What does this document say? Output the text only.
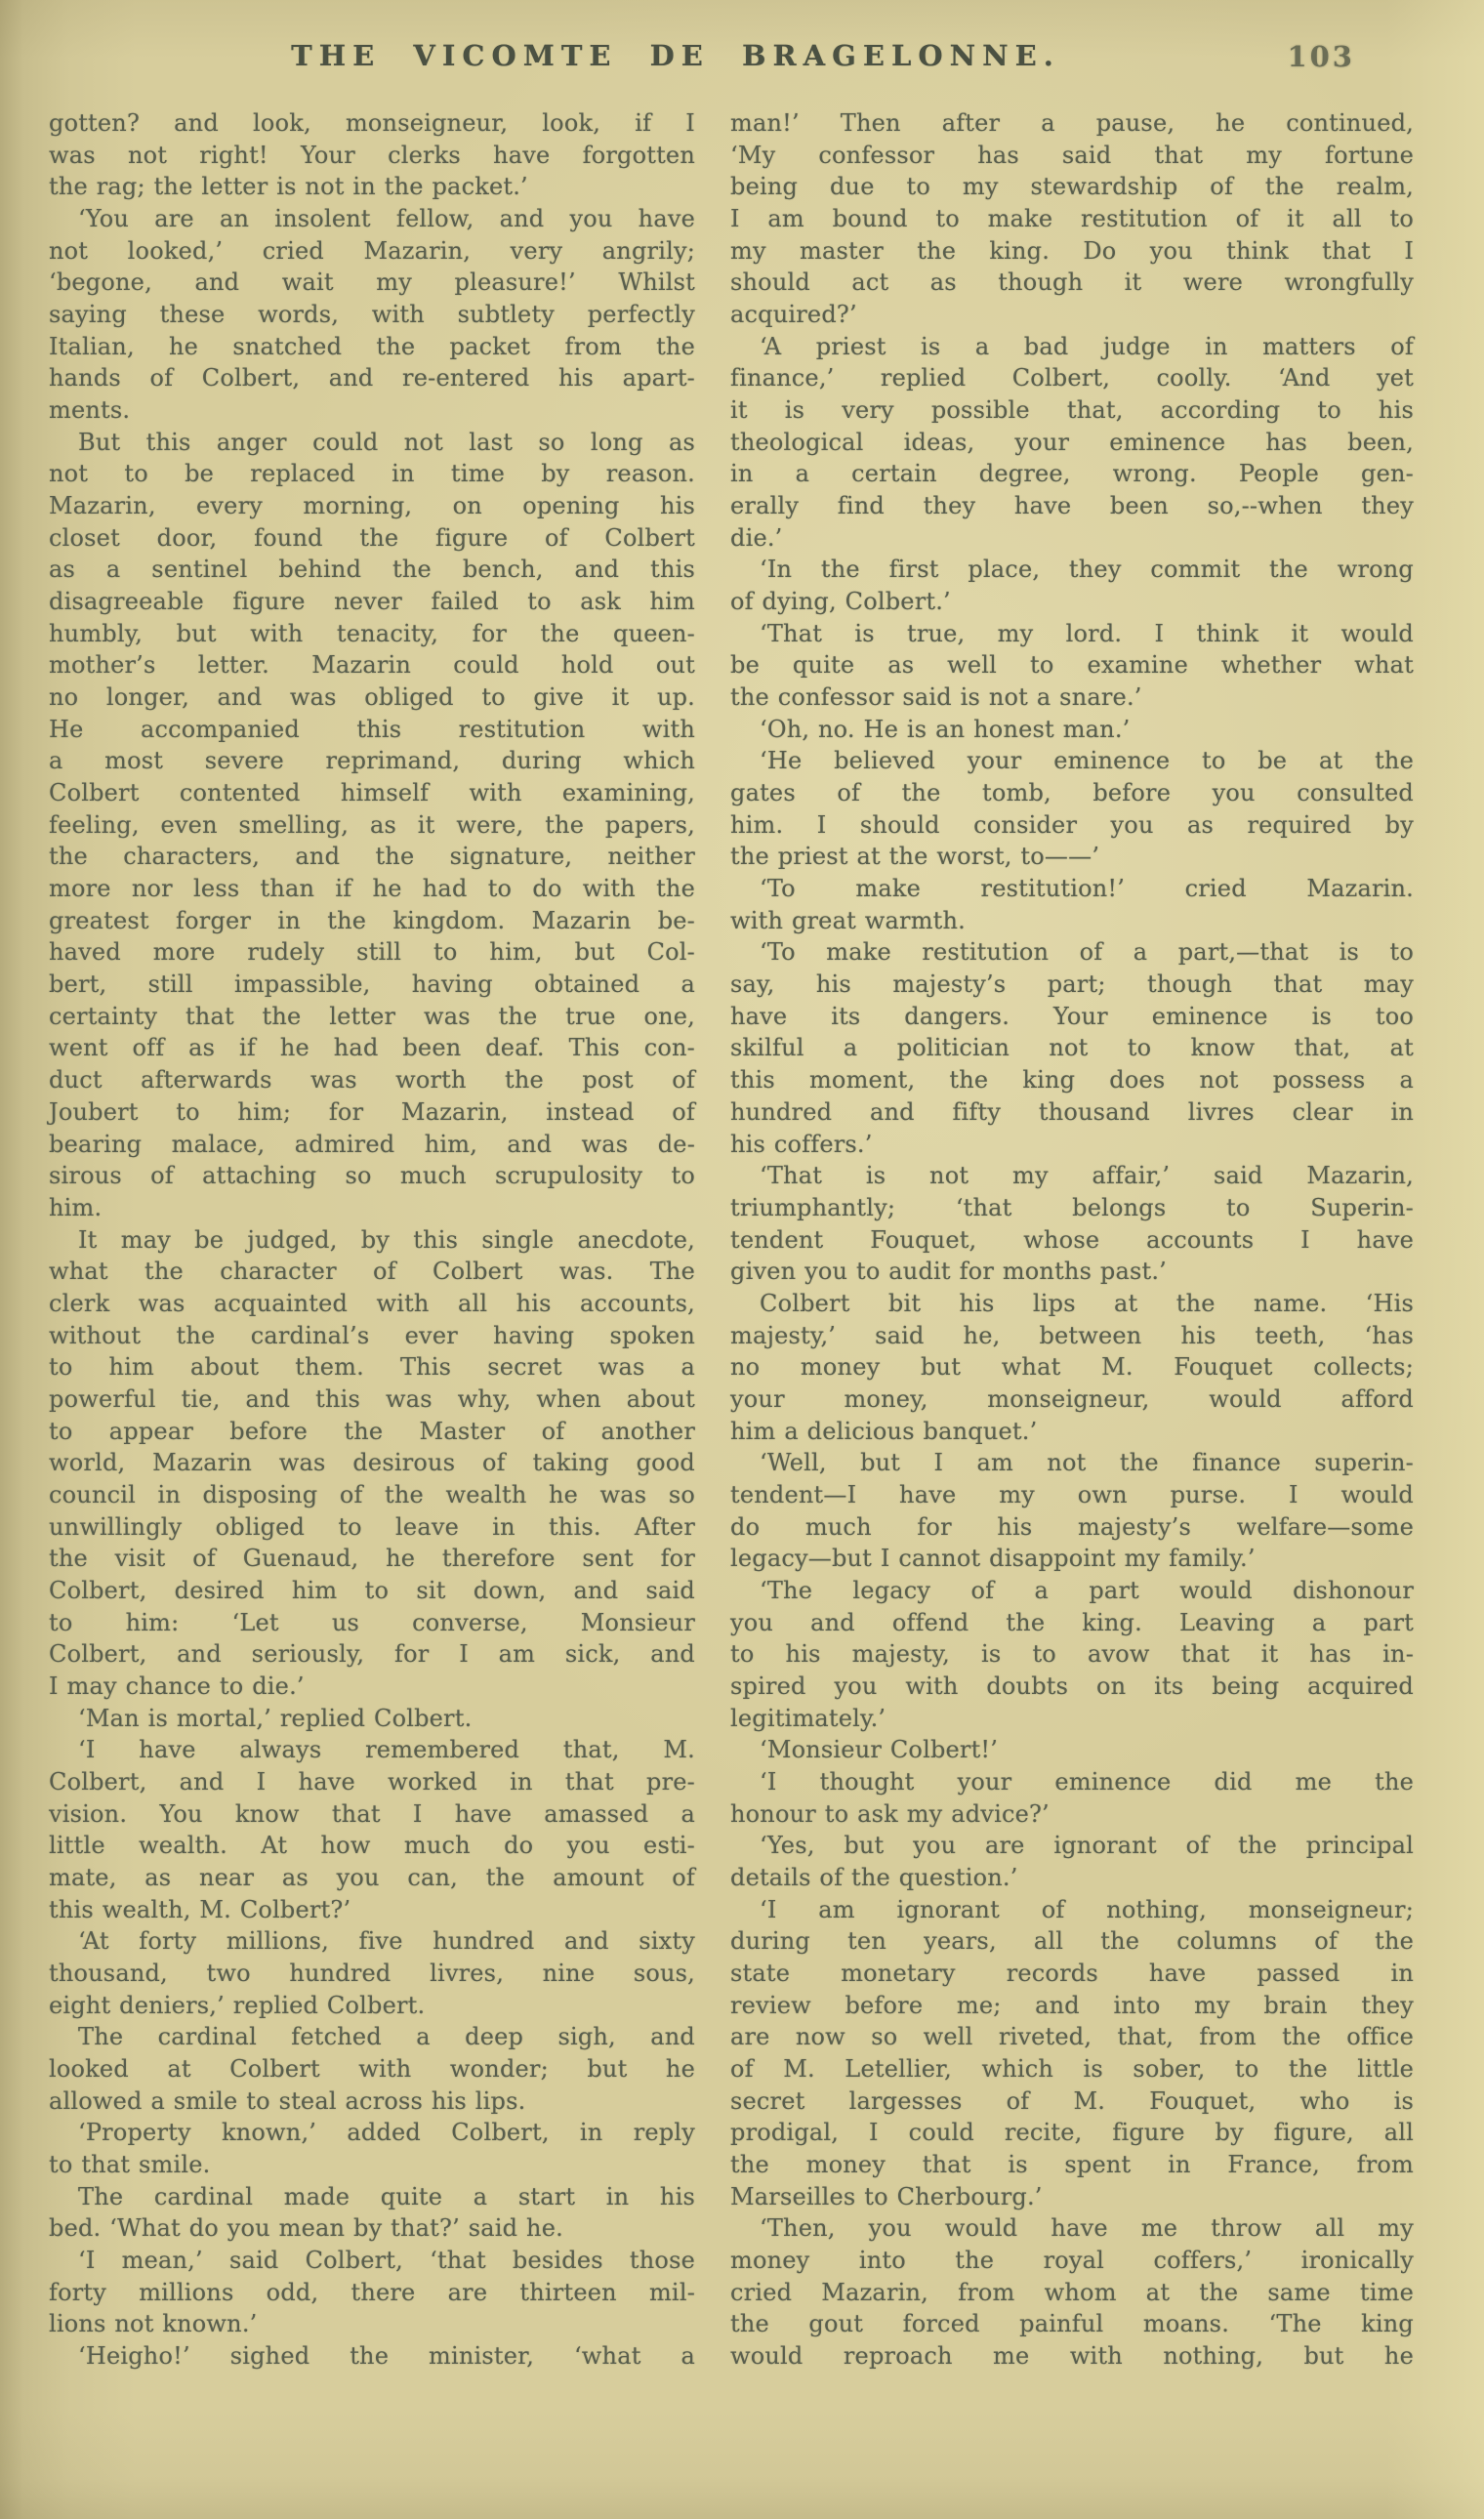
THE VICOMTE DE BRAGELONNE.	103
gotten? and look, monseigneur, look, if I
was not right! Your clerks have forgotten
the rag; the letter is not in the packet.’
‘You are an insolent fellow, and you have
not looked,’ cried Mazarin, very angrily;
‘begone, and wait my pleasure!’ Whilst
saying these words, with subtlety perfectly
Italian, he snatched the packet from the
hands of Colbert, and re-entered his apart-
ments.
But this anger could not last so long as
not to be replaced in time by reason.
Mazarin, every morning, on opening his
closet door, found the figure of Colbert
as a sentinel behind the bench, and this
disagreeable figure never failed to ask him
humbly, but with tenacity, for the queen-
mother’s letter. Mazarin could hold out
no longer, and was obliged to give it up.
He accompanied this restitution with
a most severe reprimand, during which
Colbert contented himself with examining,
feeling, even smelling, as it were, the papers,
the characters, and the signature, neither
more nor less than if he had to do with the
greatest forger in the kingdom. Mazarin be-
haved more rudely still to him, but Col-
bert, still impassible, having obtained a
certainty that the letter was the true one,
went off as if he had been deaf. This con-
duct afterwards was worth the post of
Joubert to him; for Mazarin, instead of
bearing malace, admired him, and was de-
sirous of attaching so much scrupulosity to
him.
It may be judged, by this single anecdote,
what the character of Colbert was. The
clerk was acquainted with all his accounts,
without the cardinal’s ever having spoken
to him about them. This secret was a
powerful tie, and this was why, when about
to appear before the Master of another
world, Mazarin was desirous of taking good
council in disposing of the wealth he was so
unwillingly obliged to leave in this. After
the visit of Guenaud, he therefore sent for
Colbert, desired him to sit down, and said
to him: ‘Let us converse, Monsieur
Colbert, and seriously, for I am sick, and
I may chance to die.’
‘Man is mortal,’ replied Colbert.
‘I have always remembered that, M.
Colbert, and I have worked in that pre-
vision. You know that I have amassed a
little wealth. At how much do you esti-
mate, as near as you can, the amount of
this wealth, M. Colbert?’
‘At forty millions, five hundred and sixty
thousand, two hundred livres, nine sous,
eight deniers,’ replied Colbert.
The cardinal fetched a deep sigh, and
looked at Colbert with wonder; but he
allowed a smile to steal across his lips.
‘Property known,’ added Colbert, in reply
to that smile.
The cardinal made quite a start in his
bed. ‘What do you mean by that?’ said he.
‘I mean,’ said Colbert, ‘that besides those
forty millions odd, there are thirteen mil-
lions not known.’
‘Heigho!’ sighed the minister, ‘what a
man!’ Then after a pause, he continued,
‘My confessor has said that my fortune
being due to my stewardship of the realm,
I am bound to make restitution of it all to
my master the king. Do you think that I
should act as though it were wrongfully
acquired?’
‘A priest is a bad judge in matters of
finance,’ replied Colbert, coolly. ‘And yet
it is very possible that, according to his
theological ideas, your eminence has been,
in a certain degree, wrong. People gen-
erally find they have been so,--when they
die.’
‘In the first place, they commit the wrong
of dying, Colbert.’
‘That is true, my lord. I think it would
be quite as well to examine whether what
the confessor said is not a snare.’
‘Oh, no. He is an honest man.’
‘He believed your eminence to be at the
gates of the tomb, before you consulted
him. I should consider you as required by
the priest at the worst, to——’
‘To make restitution!’ cried Mazarin.
with great warmth.
‘To make restitution of a part,—that is to
say, his majesty’s part; though that may
have its dangers. Your eminence is too
skilful a politician not to know that, at
this moment, the king does not possess a
hundred and fifty thousand livres clear in
his coffers.’
‘That is not my affair,’ said Mazarin,
triumphantly; ‘that belongs to Superin-
tendent Fouquet, whose accounts I have
given you to audit for months past.’
Colbert bit his lips at the name. ‘His
majesty,’ said he, between his teeth, ‘has
no money but what M. Fouquet collects;
your money, monseigneur, would afford
him a delicious banquet.’
‘Well, but I am not the finance superin-
tendent—I have my own purse. I would
do much for his majesty’s welfare—some
legacy—but I cannot disappoint my family.’
‘The legacy of a part would dishonour
you and offend the king. Leaving a part
to his majesty, is to avow that it has in-
spired you with doubts on its being acquired
legitimately.’
‘Monsieur Colbert!’
‘I thought your eminence did me the
honour to ask my advice?’
‘Yes, but you are ignorant of the principal
details of the question.’
‘I am ignorant of nothing, monseigneur;
during ten years, all the columns of the
state monetary records have passed in
review before me; and into my brain they
are now so well riveted, that, from the office
of M. Letellier, which is sober, to the little
secret largesses of M. Fouquet, who is
prodigal, I could recite, figure by figure, all
the money that is spent in France, from
Marseilles to Cherbourg.’
‘Then, you would have me throw all my
money into the royal coffers,’ ironically
cried Mazarin, from whom at the same time
the gout forced painful moans. ‘The king
would reproach me with nothing, but he
